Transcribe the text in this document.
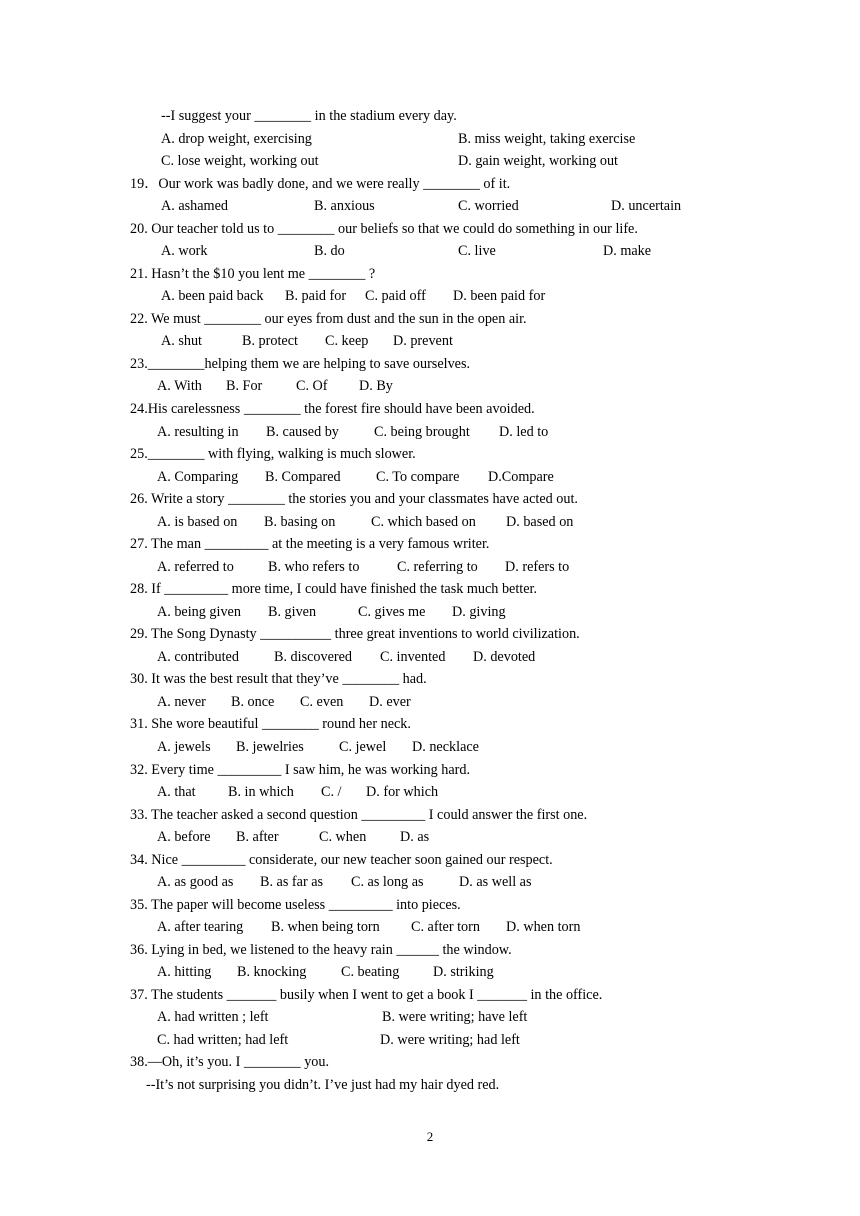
--I suggest your ________ in the stadium every day.
A. drop weight, exercising	B. miss weight, taking exercise
C. lose weight, working out	D. gain weight, working out
19．Our work was badly done, and we were really ________ of it.
A. ashamed	B. anxious	C. worried	D. uncertain
20. Our teacher told us to ________ our beliefs so that we could do something in our life.
A. work	B. do	C. live	D. make
21. Hasn’t the $10 you lent me ________ ?
A. been paid back B. paid for C. paid off D. been paid for
22. We must ________ our eyes from dust and the sun in the open air.
A. shut	B. protect C. keep D. prevent
23.________helping them we are helping to save ourselves.
A. With B. For C. Of D. By
24.His carelessness ________ the forest fire should have been avoided.
A. resulting in B. caused by C. being brought D. led to
25.________ with flying, walking is much slower.
A. Comparing B. Compared C. To compare D.Compare
26. Write a story ________ the stories you and your classmates have acted out.
A. is based on B. basing on	C. which based on D. based on
27. The man _________ at the meeting is a very famous writer.
A. referred to B. who refers to	C. referring to D. refers to
28. If _________ more time, I could have finished the task much better.
A. being given B. given	C. gives me D. giving
29. The Song Dynasty __________ three great inventions to world civilization.
A. contributed B. discovered C. invented D. devoted
30. It was the best result that they’ve ________ had.
A. never B. once C. even D. ever
31. She wore beautiful ________ round her neck.
A. jewels B. jewelries C. jewel D. necklace
32. Every time _________ I saw him, he was working hard.
A. that B. in which C. / D. for which
33. The teacher asked a second question _________ I could answer the first one.
A. before B. after	C. when D. as
34. Nice _________ considerate, our new teacher soon gained our respect.
A. as good as B. as far as C. as long as D. as well as
35. The paper will become useless _________ into pieces.
A. after tearing B. when being torn C. after torn D. when torn
36. Lying in bed, we listened to the heavy rain ______ the window.
A. hitting B. knocking C. beating D. striking
37. The students _______ busily when I went to get a book I _______ in the office.
A. had written ; left	B. were writing; have left
C. had written; had left	D. were writing; had left
38.—Oh, it’s you. I ________ you.
--It’s not surprising you didn’t. I’ve just had my hair dyed red.
2
